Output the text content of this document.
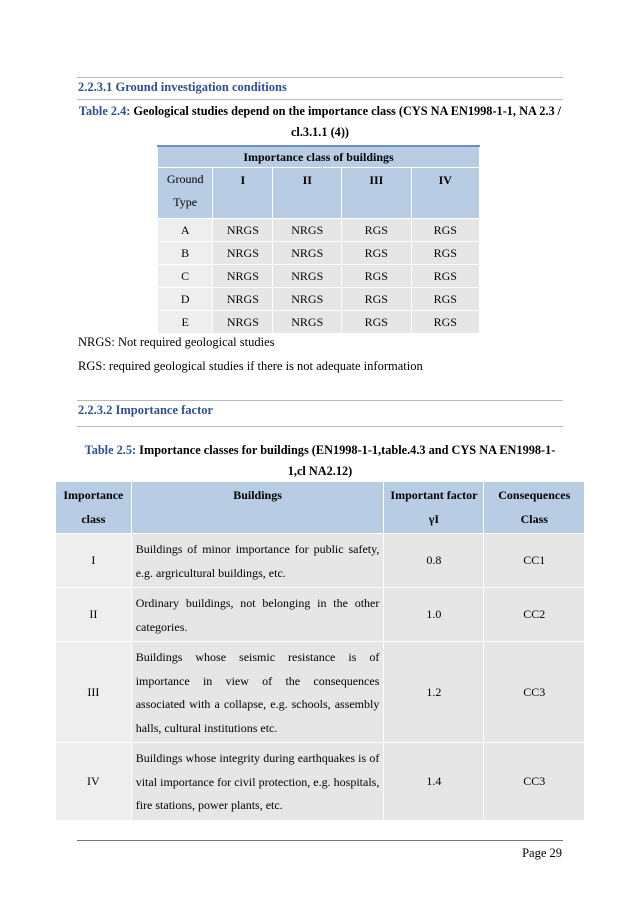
2.2.3.1 Ground investigation conditions
Table 2.4: Geological studies depend on the importance class (CYS NA EN1998-1-1, NA 2.3 / cl.3.1.1 (4))
Importance class of buildings				
Ground Type	I	II	III	IV
A	NRGS	NRGS	RGS	RGS
B	NRGS	NRGS	RGS	RGS
C	NRGS	NRGS	RGS	RGS
D	NRGS	NRGS	RGS	RGS
E	NRGS	NRGS	RGS	RGS
NRGS: Not required geological studies
RGS: required geological studies if there is not adequate information
2.2.3.2 Importance factor
Table 2.5: Importance classes for buildings (EN1998-1-1,table.4.3 and CYS NA EN1998-1-1,cl NA2.12)
Importance class	Buildings	Important factor γI	Consequences Class
I	Buildings of minor importance for public safety, e.g. argricultural buildings, etc.	0.8	CC1
II	Ordinary buildings, not belonging in the other categories.	1.0	CC2
III	Buildings whose seismic resistance is of importance in view of the consequences associated with a collapse, e.g. schools, assembly halls, cultural institutions etc.	1.2	CC3
IV	Buildings whose integrity during earthquakes is of vital importance for civil protection, e.g. hospitals, fire stations, power plants, etc.	1.4	CC3
Page 29
